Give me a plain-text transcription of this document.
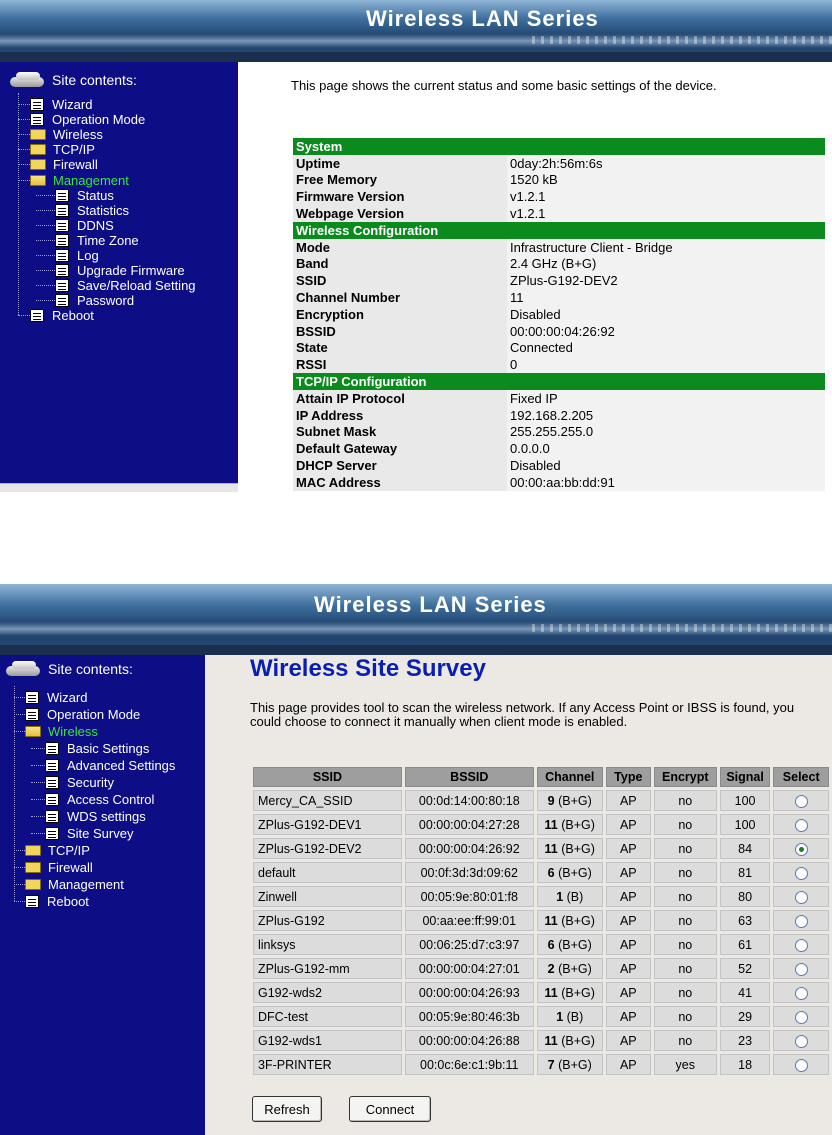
Wireless LAN Series
Site contents:
Wizard
Operation Mode
Wireless
TCP/IP
Firewall
Management
Status
Statistics
DDNS
Time Zone
Log
Upgrade Firmware
Save/Reload Setting
Password
Reboot
This page shows the current status and some basic settings of the device.
System	
Uptime	0day:2h:56m:6s
Free Memory	1520 kB
Firmware Version	v1.2.1
Webpage Version	v1.2.1
Wireless Configuration	
Mode	Infrastructure Client - Bridge
Band	2.4 GHz (B+G)
SSID	ZPlus-G192-DEV2
Channel Number	11
Encryption	Disabled
BSSID	00:00:00:04:26:92
State	Connected
RSSI	0
TCP/IP Configuration	
Attain IP Protocol	Fixed IP
IP Address	192.168.2.205
Subnet Mask	255.255.255.0
Default Gateway	0.0.0.0
DHCP Server	Disabled
MAC Address	00:00:aa:bb:dd:91
Wireless LAN Series
Site contents:
Wizard
Operation Mode
Wireless
Basic Settings
Advanced Settings
Security
Access Control
WDS settings
Site Survey
TCP/IP
Firewall
Management
Reboot
Wireless Site Survey
This page provides tool to scan the wireless network. If any Access Point or IBSS is found, you could choose to connect it manually when client mode is enabled.
SSID	BSSID	Channel	Type	Encrypt	Signal	Select
Mercy_CA_SSID	00:0d:14:00:80:18	9 (B+G)	AP	no	100	
ZPlus-G192-DEV1	00:00:00:04:27:28	11 (B+G)	AP	no	100	
ZPlus-G192-DEV2	00:00:00:04:26:92	11 (B+G)	AP	no	84	
default	00:0f:3d:3d:09:62	6 (B+G)	AP	no	81	
Zinwell	00:05:9e:80:01:f8	1 (B)	AP	no	80	
ZPlus-G192	00:aa:ee:ff:99:01	11 (B+G)	AP	no	63	
linksys	00:06:25:d7:c3:97	6 (B+G)	AP	no	61	
ZPlus-G192-mm	00:00:00:04:27:01	2 (B+G)	AP	no	52	
G192-wds2	00:00:00:04:26:93	11 (B+G)	AP	no	41	
DFC-test	00:05:9e:80:46:3b	1 (B)	AP	no	29	
G192-wds1	00:00:00:04:26:88	11 (B+G)	AP	no	23	
3F-PRINTER	00:0c:6e:c1:9b:11	7 (B+G)	AP	yes	18	
Refresh	Connect
